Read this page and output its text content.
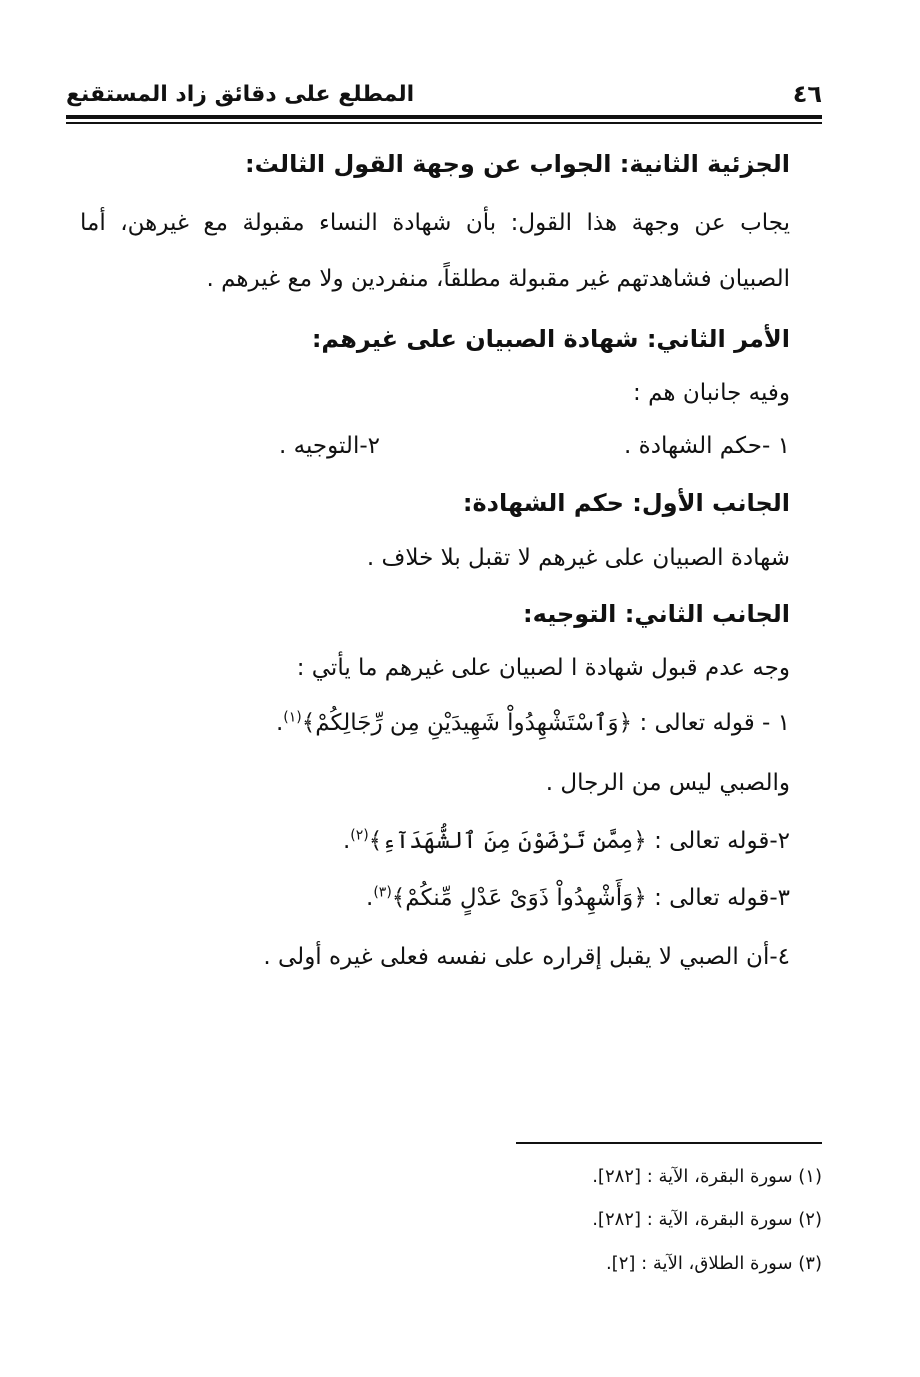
٤٦
المطلع على دقائق زاد المستقنع
الجزئية الثانية: الجواب عن وجهة القول الثالث:
يجاب عن وجهة هذا القول: بأن شهادة النساء مقبولة مع غيرهن، أما
الصبيان فشاهدتهم غير مقبولة مطلقاً، منفردين ولا مع غيرهم .
الأمر الثاني: شهادة الصبيان على غيرهم:
وفيه جانبان هم :
١ -حكم الشهادة .
٢-التوجيه .
الجانب الأول: حكم الشهادة:
شهادة الصبيان على غيرهم لا تقبل بلا خلاف .
الجانب الثاني: التوجيه:
وجه عدم قبول شهادة ا لصبيان على غيرهم ما يأتي :
١ - قوله تعالى : ﴿وَٱسْتَشْهِدُواْ شَهِيدَيْنِ مِن رِّجَالِكُمْ﴾$^{(١)}$.
والصبي ليس من الرجال .
٢-قوله تعالى : ﴿مِمَّن تَرْضَوْنَ مِنَ ٱلشُّهَدَآءِ﴾$^{(٢)}$.
٣-قوله تعالى : ﴿وَأَشْهِدُواْ ذَوَىْ عَدْلٍ مِّنكُمْ﴾$^{(٣)}$.
٤-أن الصبي لا يقبل إقراره على نفسه فعلى غيره أولى .
(١) سورة البقرة، الآية : [٢٨٢].
(٢) سورة البقرة، الآية : [٢٨٢].
(٣) سورة الطلاق، الآية : [٢].
